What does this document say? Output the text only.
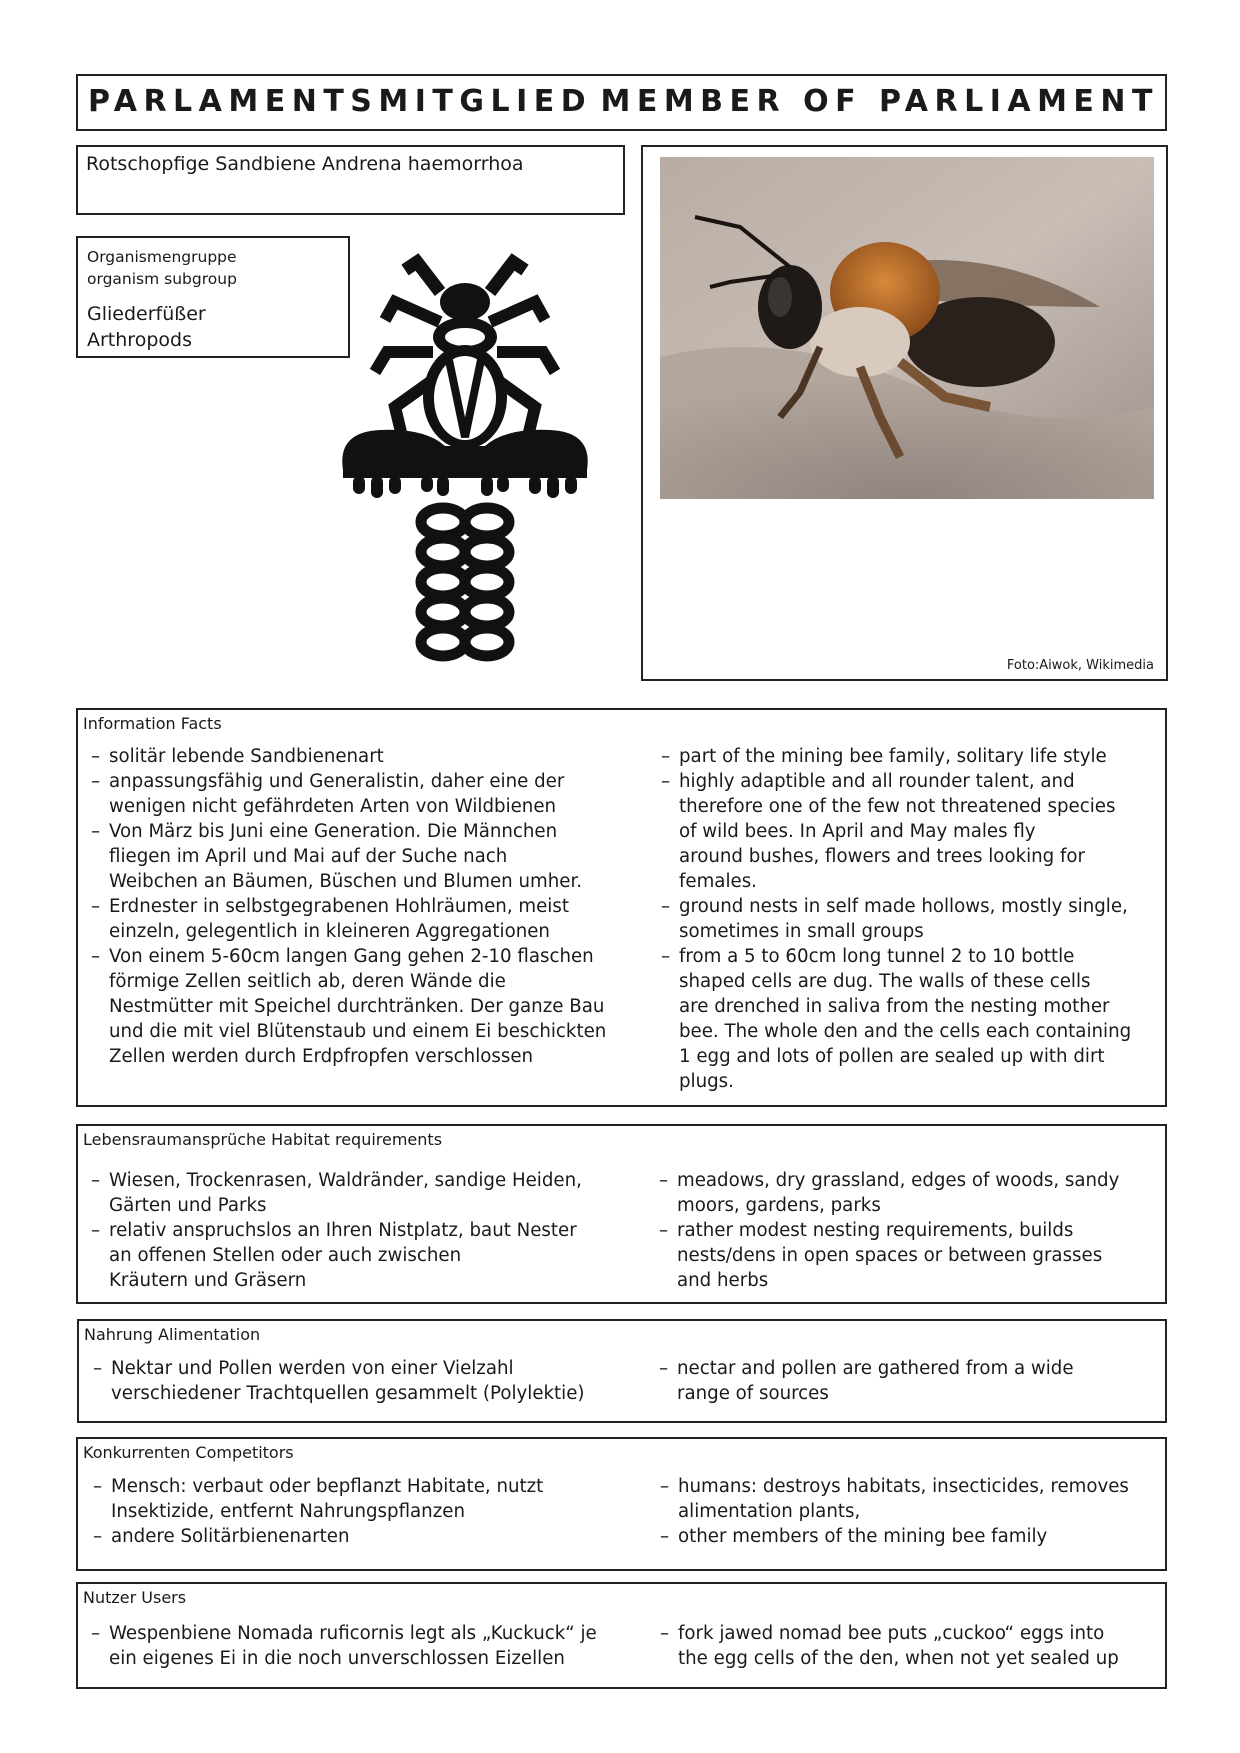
PARLAMENTSMITGLIED MEMBER OF PARLIAMENT
Rotschopfige Sandbiene Andrena haemorrhoa
Organismengruppe
organism subgroup
Gliederfüßer
Arthropods
Foto:Aiwok, Wikimedia
Information Facts
– solitär lebende Sandbienenart
– anpassungsfähig und Generalistin, daher eine der
wenigen nicht gefährdeten Arten von Wildbienen
– Von März bis Juni eine Generation. Die Männchen
fliegen im April und Mai auf der Suche nach
Weibchen an Bäumen, Büschen und Blumen umher.
– Erdnester in selbstgegrabenen Hohlräumen, meist
einzeln, gelegentlich in kleineren Aggregationen
– Von einem 5-60cm langen Gang gehen 2-10 flaschen
förmige Zellen seitlich ab, deren Wände die
Nestmütter mit Speichel durchtränken. Der ganze Bau
und die mit viel Blütenstaub und einem Ei beschickten
Zellen werden durch Erdpfropfen verschlossen
– part of the mining bee family, solitary life style
– highly adaptible and all rounder talent, and
therefore one of the few not threatened species
of wild bees. In April and May males fly
around bushes, flowers and trees looking for
females.
– ground nests in self made hollows, mostly single,
sometimes in small groups
– from a 5 to 60cm long tunnel 2 to 10 bottle
shaped cells are dug. The walls of these cells
are drenched in saliva from the nesting mother
bee. The whole den and the cells each containing
1 egg and lots of pollen are sealed up with dirt
plugs.
Lebensraumansprüche Habitat requirements
– Wiesen, Trockenrasen, Waldränder, sandige Heiden,
Gärten und Parks
– relativ anspruchslos an Ihren Nistplatz, baut Nester
an offenen Stellen oder auch zwischen
Kräutern und Gräsern
– meadows, dry grassland, edges of woods, sandy
moors, gardens, parks
– rather modest nesting requirements, builds
nests/dens in open spaces or between grasses
and herbs
Nahrung Alimentation
– Nektar und Pollen werden von einer Vielzahl
verschiedener Trachtquellen gesammelt (Polylektie)
– nectar and pollen are gathered from a wide
range of sources
Konkurrenten Competitors
– Mensch: verbaut oder bepflanzt Habitate, nutzt
Insektizide, entfernt Nahrungspflanzen
– andere Solitärbienenarten
– humans: destroys habitats, insecticides, removes
alimentation plants,
– other members of the mining bee family
Nutzer Users
– Wespenbiene Nomada ruficornis legt als „Kuckuck“ je
ein eigenes Ei in die noch unverschlossen Eizellen
– fork jawed nomad bee puts „cuckoo“ eggs into
the egg cells of the den, when not yet sealed up
